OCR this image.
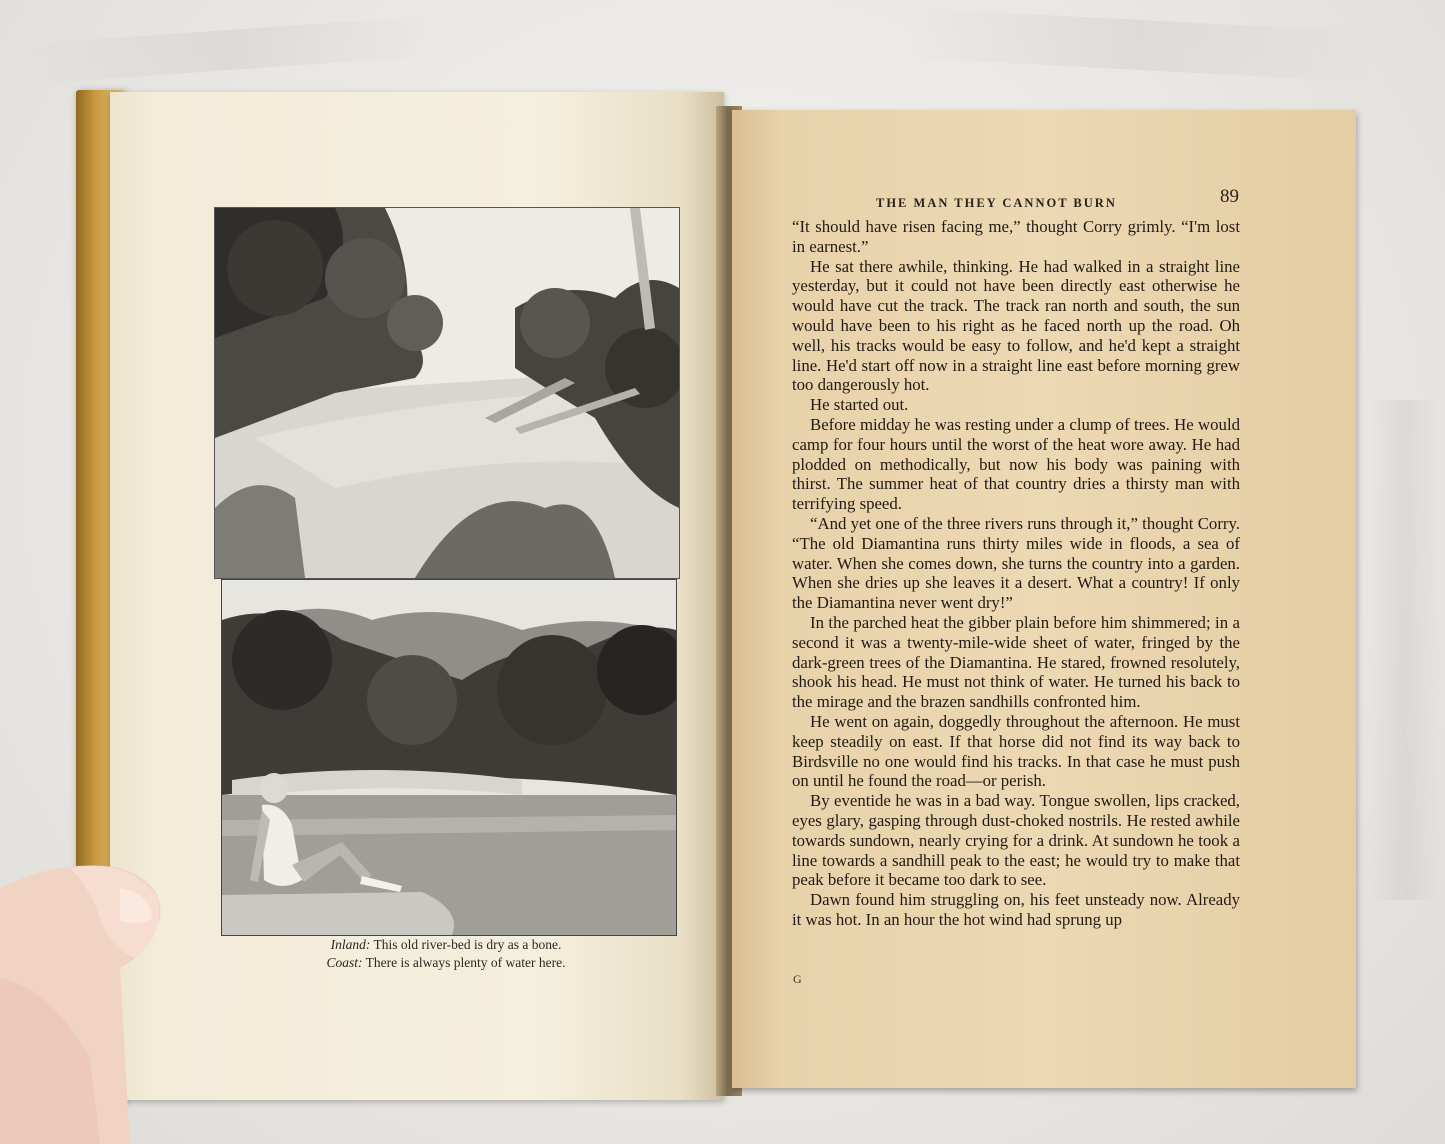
Inland: This old river-bed is dry as a bone.
Coast: There is always plenty of water here.
THE MAN THEY CANNOT BURN	89

“It should have risen facing me,” thought Corry grimly. “I'm lost in earnest.”

He sat there awhile, thinking. He had walked in a straight line yesterday, but it could not have been directly east otherwise he would have cut the track. The track ran north and south, the sun would have been to his right as he faced north up the road. Oh well, his tracks would be easy to follow, and he'd kept a straight line. He'd start off now in a straight line east before morning grew too dangerously hot.

He started out.

Before midday he was resting under a clump of trees. He would camp for four hours until the worst of the heat wore away. He had plodded on methodically, but now his body was paining with thirst. The summer heat of that country dries a thirsty man with terrifying speed.

“And yet one of the three rivers runs through it,” thought Corry. “The old Diamantina runs thirty miles wide in floods, a sea of water. When she comes down, she turns the country into a garden. When she dries up she leaves it a desert. What a country! If only the Diamantina never went dry!”

In the parched heat the gibber plain before him shimmered; in a second it was a twenty-mile-wide sheet of water, fringed by the dark-green trees of the Diamantina. He stared, frowned resolutely, shook his head. He must not think of water. He turned his back to the mirage and the brazen sandhills confronted him.

He went on again, doggedly throughout the afternoon. He must keep steadily on east. If that horse did not find its way back to Birdsville no one would find his tracks. In that case he must push on until he found the road—or perish.

By eventide he was in a bad way. Tongue swollen, lips cracked, eyes glary, gasping through dust-choked nostrils. He rested awhile towards sundown, nearly crying for a drink. At sundown he took a line towards a sandhill peak to the east; he would try to make that peak before it became too dark to see.

Dawn found him struggling on, his feet unsteady now. Already it was hot. In an hour the hot wind had sprung up

G
